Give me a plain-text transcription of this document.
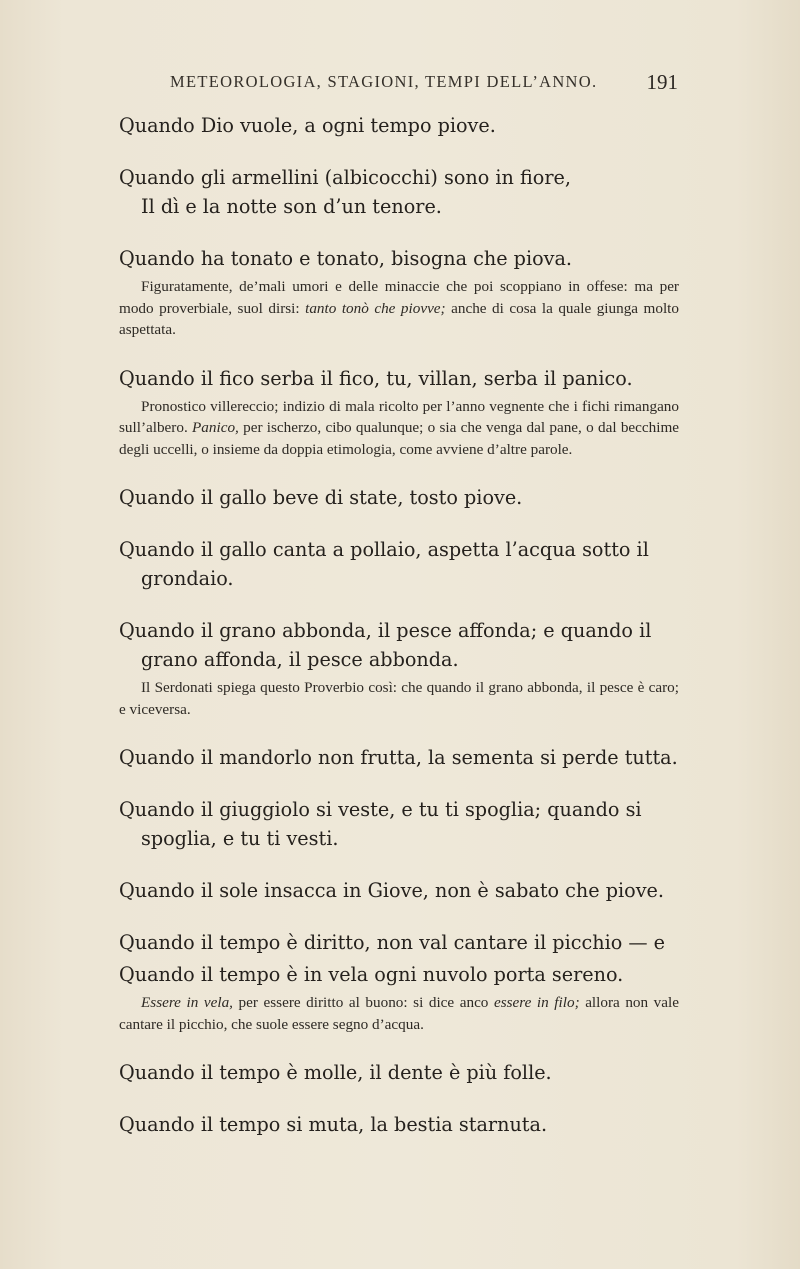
METEOROLOGIA, STAGIONI, TEMPI DELL’ANNO. 191

Quando Dio vuole, a ogni tempo piove.

Quando gli armellini (albicocchi) sono in fiore,
Il dì e la notte son d’un tenore.

Quando ha tonato e tonato, bisogna che piova.

Figuratamente, de’mali umori e delle minaccie che poi scoppiano in offese: ma per modo proverbiale, suol dirsi: tanto tonò che piovve; anche di cosa la quale giunga molto aspettata.

Quando il fico serba il fico, tu, villan, serba il panico.

Pronostico villereccio; indizio di mala ricolto per l’anno vegnente che i fichi rimangano sull’albero. Panico, per ischerzo, cibo qualunque; o sia che venga dal pane, o dal becchime degli uccelli, o insieme da doppia etimologia, come avviene d’altre parole.

Quando il gallo beve di state, tosto piove.

Quando il gallo canta a pollaio, aspetta l’acqua sotto il grondaio.

Quando il grano abbonda, il pesce affonda; e quando il grano affonda, il pesce abbonda.

Il Serdonati spiega questo Proverbio così: che quando il grano abbonda, il pesce è caro; e viceversa.

Quando il mandorlo non frutta, la sementa si perde tutta.

Quando il giuggiolo si veste, e tu ti spoglia; quando si spoglia, e tu ti vesti.

Quando il sole insacca in Giove, non è sabato che piove.

Quando il tempo è diritto, non val cantare il picchio — e

Quando il tempo è in vela ogni nuvolo porta sereno.

Essere in vela, per essere diritto al buono: si dice anco essere in filo; allora non vale cantare il picchio, che suole essere segno d’acqua.

Quando il tempo è molle, il dente è più folle.

Quando il tempo si muta, la bestia starnuta.
